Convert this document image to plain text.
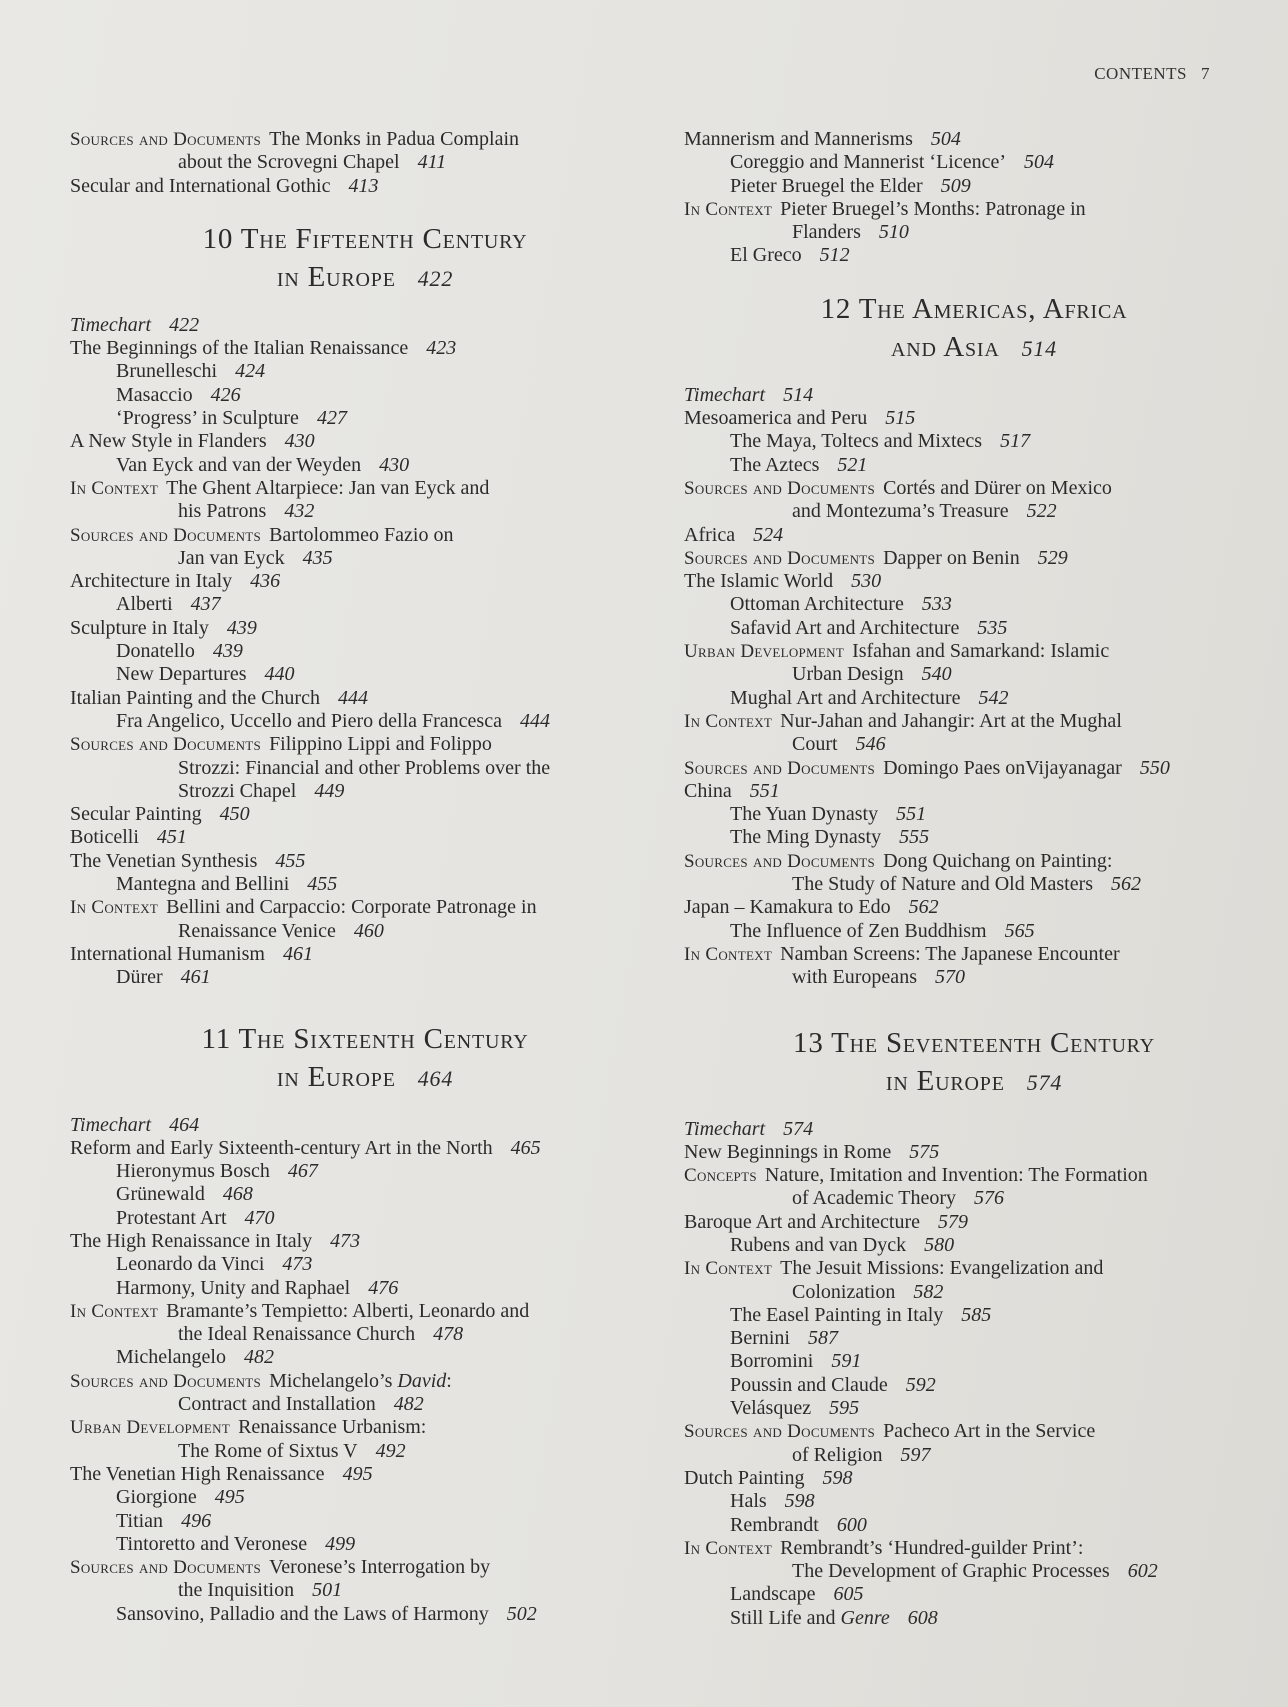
CONTENTS 7
Sources and Documents The Monks in Padua Complain
about the Scrovegni Chapel 411
Secular and International Gothic 413
10 The Fifteenth Century
in Europe 422
Timechart 422
The Beginnings of the Italian Renaissance 423
Brunelleschi 424
Masaccio 426
‘Progress’ in Sculpture 427
A New Style in Flanders 430
Van Eyck and van der Weyden 430
In Context The Ghent Altarpiece: Jan van Eyck and
his Patrons 432
Sources and Documents Bartolommeo Fazio on
Jan van Eyck 435
Architecture in Italy 436
Alberti 437
Sculpture in Italy 439
Donatello 439
New Departures 440
Italian Painting and the Church 444
Fra Angelico, Uccello and Piero della Francesca 444
Sources and Documents Filippino Lippi and Folippo
Strozzi: Financial and other Problems over the
Strozzi Chapel 449
Secular Painting 450
Boticelli 451
The Venetian Synthesis 455
Mantegna and Bellini 455
In Context Bellini and Carpaccio: Corporate Patronage in
Renaissance Venice 460
International Humanism 461
Dürer 461
11 The Sixteenth Century
in Europe 464
Timechart 464
Reform and Early Sixteenth-century Art in the North 465
Hieronymus Bosch 467
Grünewald 468
Protestant Art 470
The High Renaissance in Italy 473
Leonardo da Vinci 473
Harmony, Unity and Raphael 476
In Context Bramante’s Tempietto: Alberti, Leonardo and
the Ideal Renaissance Church 478
Michelangelo 482
Sources and Documents Michelangelo’s David:
Contract and Installation 482
Urban Development Renaissance Urbanism:
The Rome of Sixtus V 492
The Venetian High Renaissance 495
Giorgione 495
Titian 496
Tintoretto and Veronese 499
Sources and Documents Veronese’s Interrogation by
the Inquisition 501
Sansovino, Palladio and the Laws of Harmony 502
Mannerism and Mannerisms 504
Coreggio and Mannerist ‘Licence’ 504
Pieter Bruegel the Elder 509
In Context Pieter Bruegel’s Months: Patronage in
Flanders 510
El Greco 512
12 The Americas, Africa
and Asia 514
Timechart 514
Mesoamerica and Peru 515
The Maya, Toltecs and Mixtecs 517
The Aztecs 521
Sources and Documents Cortés and Dürer on Mexico
and Montezuma’s Treasure 522
Africa 524
Sources and Documents Dapper on Benin 529
The Islamic World 530
Ottoman Architecture 533
Safavid Art and Architecture 535
Urban Development Isfahan and Samarkand: Islamic
Urban Design 540
Mughal Art and Architecture 542
In Context Nur-Jahan and Jahangir: Art at the Mughal
Court 546
Sources and Documents Domingo Paes onVijayanagar 550
China 551
The Yuan Dynasty 551
The Ming Dynasty 555
Sources and Documents Dong Quichang on Painting:
The Study of Nature and Old Masters 562
Japan – Kamakura to Edo 562
The Influence of Zen Buddhism 565
In Context Namban Screens: The Japanese Encounter
with Europeans 570
13 The Seventeenth Century
in Europe 574
Timechart 574
New Beginnings in Rome 575
Concepts Nature, Imitation and Invention: The Formation
of Academic Theory 576
Baroque Art and Architecture 579
Rubens and van Dyck 580
In Context The Jesuit Missions: Evangelization and
Colonization 582
The Easel Painting in Italy 585
Bernini 587
Borromini 591
Poussin and Claude 592
Velásquez 595
Sources and Documents Pacheco Art in the Service
of Religion 597
Dutch Painting 598
Hals 598
Rembrandt 600
In Context Rembrandt’s ‘Hundred-guilder Print’:
The Development of Graphic Processes 602
Landscape 605
Still Life and Genre 608
